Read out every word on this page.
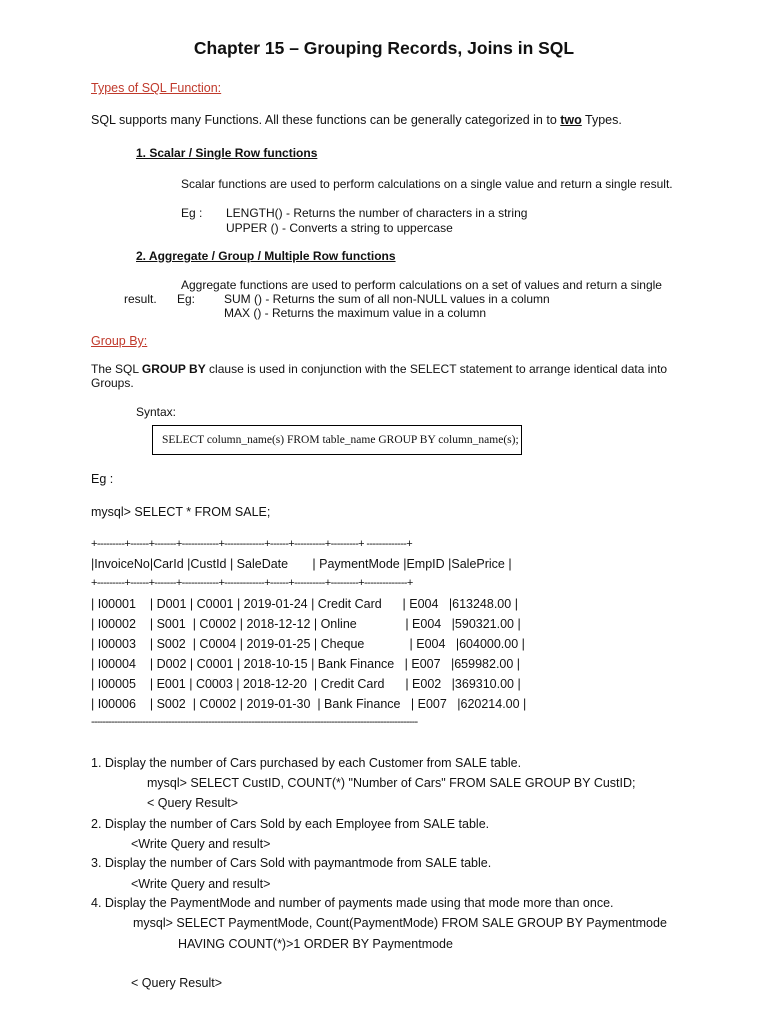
Chapter 15 – Grouping Records, Joins in SQL
Types of SQL Function:
SQL supports many Functions. All these functions can be generally categorized in to two Types.
1. Scalar / Single Row functions
Scalar functions are used to perform calculations on a single value and return a single result.
Eg : LENGTH() - Returns the number of characters in a string
UPPER () - Converts a string to uppercase
2. Aggregate / Group / Multiple Row functions
Aggregate functions are used to perform calculations on a set of values and return a single
result. Eg: SUM () - Returns the sum of all non-NULL values in a column
MAX () - Returns the maximum value in a column
Group By:
The SQL GROUP BY clause is used in conjunction with the SELECT statement to arrange identical data into
Groups.
Syntax:
SELECT column_name(s) FROM table_name GROUP BY column_name(s);
Eg :
mysql> SELECT * FROM SALE;
+---------+------+-------+------------+-------------+------+----------+---------+ -------------+
|InvoiceNo|CarId |CustId | SaleDate       | PaymentMode |EmpID |SalePrice |
+---------+------+-------+------------+-------------+------+----------+---------+--------------+
| I00001    | D001 | C0001 | 2019-01-24 | Credit Card      | E004   |613248.00 |
| I00002    | S001  | C0002 | 2018-12-12 | Online              | E004   |590321.00 |
| I00003    | S002  | C0004 | 2019-01-25 | Cheque             | E004   |604000.00 |
| I00004    | D002 | C0001 | 2018-10-15 | Bank Finance   | E007   |659982.00 |
| I00005    | E001 | C0003 | 2018-12-20  | Credit Card      | E002   |369310.00 |
| I00006    | S002  | C0002 | 2019-01-30  | Bank Finance   | E007   |620214.00 |
------------------------------------------------------------------------------------------------------------------
1. Display the number of Cars purchased by each Customer from SALE table.
mysql> SELECT CustID, COUNT(*) "Number of Cars" FROM SALE GROUP BY CustID;
< Query Result>
2. Display the number of Cars Sold by each Employee from SALE table.
<Write Query and result>
3. Display the number of Cars Sold with paymantmode from SALE table.
<Write Query and result>
4. Display the PaymentMode and number of payments made using that mode more than once.
mysql> SELECT PaymentMode, Count(PaymentMode) FROM SALE GROUP BY Paymentmode
HAVING COUNT(*)>1 ORDER BY Paymentmode
< Query Result>
